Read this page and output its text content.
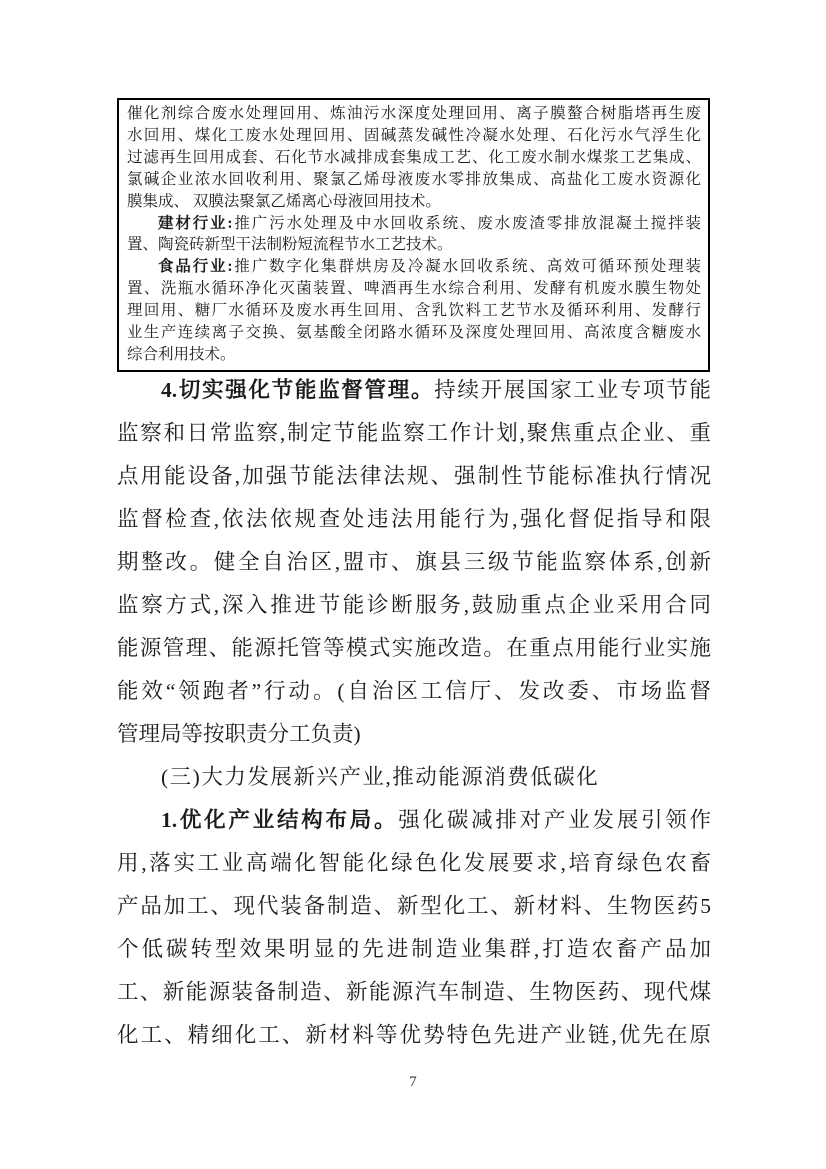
催化剂综合废水处理回用、炼油污水深度处理回用、离子膜螯合树脂塔再生废
水回用、煤化工废水处理回用、固碱蒸发碱性冷凝水处理、石化污水气浮生化
过滤再生回用成套、石化节水减排成套集成工艺、化工废水制水煤浆工艺集成、
氯碱企业浓水回收利用、聚氯乙烯母液废水零排放集成、高盐化工废水资源化
膜集成、 双膜法聚氯乙烯离心母液回用技术。
建材行业:推广污水处理及中水回收系统、废水废渣零排放混凝土搅拌装
置、陶瓷砖新型干法制粉短流程节水工艺技术。
食品行业:推广数字化集群烘房及冷凝水回收系统、高效可循环预处理装
置、洗瓶水循环净化灭菌装置、啤酒再生水综合利用、发酵有机废水膜生物处
理回用、糖厂水循环及废水再生回用、含乳饮料工艺节水及循环利用、发酵行
业生产连续离子交换、氨基酸全闭路水循环及深度处理回用、高浓度含糖废水
综合利用技术。
4.切实强化节能监督管理。持续开展国家工业专项节能
监察和日常监察,制定节能监察工作计划,聚焦重点企业、重
点用能设备,加强节能法律法规、强制性节能标准执行情况
监督检查,依法依规查处违法用能行为,强化督促指导和限
期整改。健全自治区,盟市、旗县三级节能监察体系,创新
监察方式,深入推进节能诊断服务,鼓励重点企业采用合同
能源管理、能源托管等模式实施改造。在重点用能行业实施
能效“领跑者”行动。(自治区工信厅、发改委、市场监督
管理局等按职责分工负责)
(三)大力发展新兴产业,推动能源消费低碳化
1.优化产业结构布局。强化碳减排对产业发展引领作
用,落实工业高端化智能化绿色化发展要求,培育绿色农畜
产品加工、现代装备制造、新型化工、新材料、生物医药5
个低碳转型效果明显的先进制造业集群,打造农畜产品加
工、新能源装备制造、新能源汽车制造、生物医药、现代煤
化工、精细化工、新材料等优势特色先进产业链,优先在原
7
